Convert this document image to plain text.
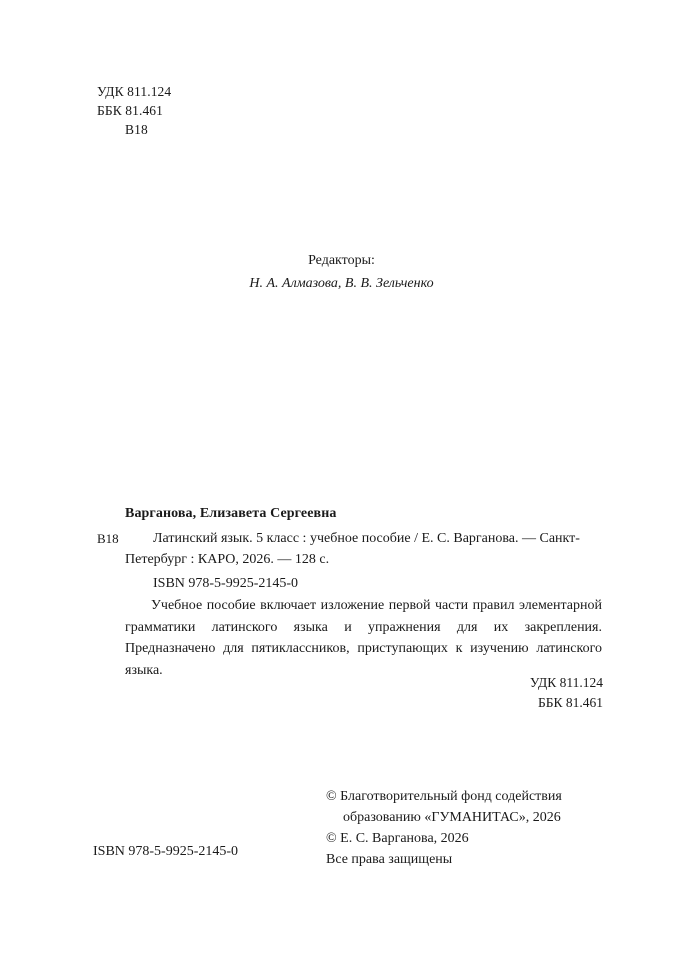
УДК 811.124
ББК 81.461
В18
Редакторы:
Н. А. Алмазова, В. В. Зельченко
Варганова, Елизавета Сергеевна
В18 Латинский язык. 5 класс : учебное пособие / Е. С. Варганова. — Санкт-Петербург : КАРО, 2026. — 128 с.
ISBN 978-5-9925-2145-0
Учебное пособие включает изложение первой части правил элементарной грамматики латинского языка и упражнения для их закрепления. Предназначено для пятиклассников, приступающих к изучению латинского языка.
УДК 811.124
ББК 81.461
© Благотворительный фонд содействия
образованию «ГУМАНИТАС», 2026
© Е. С. Варганова, 2026
Все права защищены
ISBN 978-5-9925-2145-0
